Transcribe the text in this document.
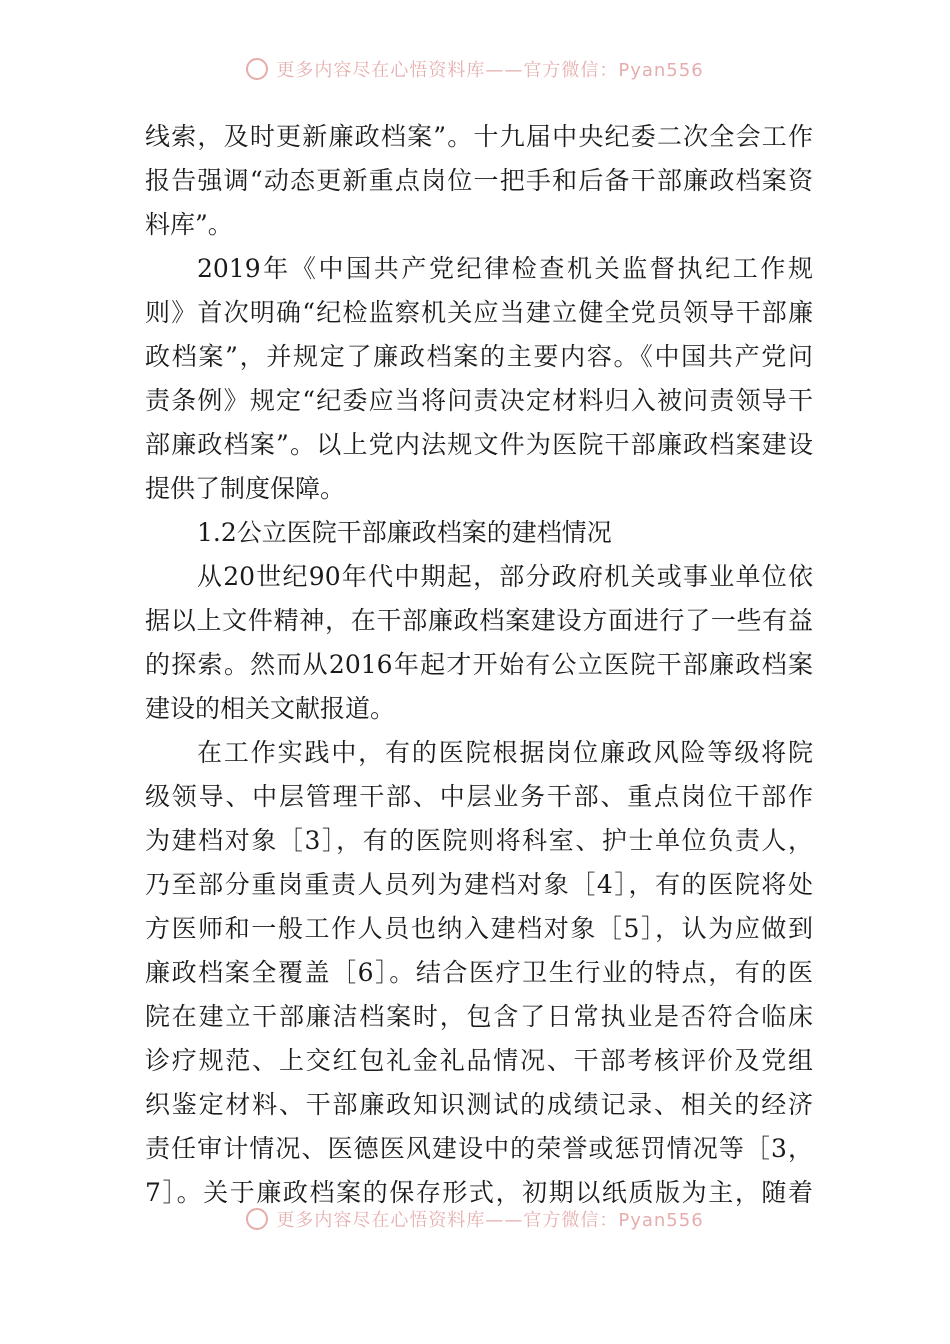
更多内容尽在心悟资料库——官方微信：Pyan556
线索，及时更新廉政档案”。十九届中央纪委二次全会工作
报告强调“动态更新重点岗位一把手和后备干部廉政档案资
料库”。
2019年《中国共产党纪律检查机关监督执纪工作规
则》首次明确“纪检监察机关应当建立健全党员领导干部廉
政档案”，并规定了廉政档案的主要内容。《中国共产党问
责条例》规定“纪委应当将问责决定材料归入被问责领导干
部廉政档案”。以上党内法规文件为医院干部廉政档案建设
提供了制度保障。
1.2公立医院干部廉政档案的建档情况
从20世纪90年代中期起，部分政府机关或事业单位依
据以上文件精神，在干部廉政档案建设方面进行了一些有益
的探索。然而从2016年起才开始有公立医院干部廉政档案
建设的相关文献报道。
在工作实践中，有的医院根据岗位廉政风险等级将院
级领导、中层管理干部、中层业务干部、重点岗位干部作
为建档对象［3］，有的医院则将科室、护士单位负责人，
乃至部分重岗重责人员列为建档对象［4］，有的医院将处
方医师和一般工作人员也纳入建档对象［5］，认为应做到
廉政档案全覆盖［6］。结合医疗卫生行业的特点，有的医
院在建立干部廉洁档案时，包含了日常执业是否符合临床
诊疗规范、上交红包礼金礼品情况、干部考核评价及党组
织鉴定材料、干部廉政知识测试的成绩记录、相关的经济
责任审计情况、医德医风建设中的荣誉或惩罚情况等［3，
7］。关于廉政档案的保存形式，初期以纸质版为主，随着
更多内容尽在心悟资料库——官方微信：Pyan556
